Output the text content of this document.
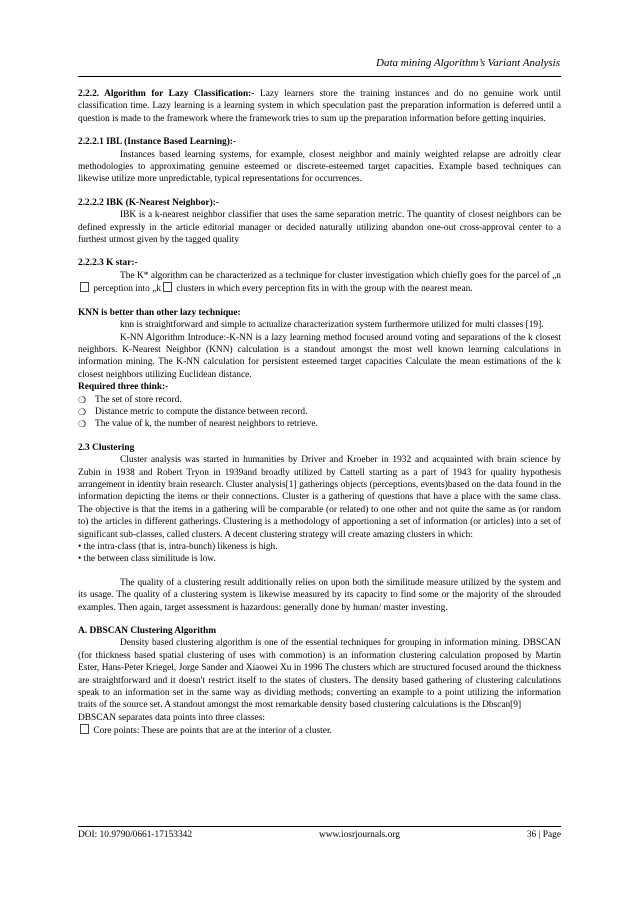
Data mining Algorithm’s Variant Analysis

2.2.2. Algorithm for Lazy Classification:- Lazy learners store the training instances and do no genuine work until classification time. Lazy learning is a learning system in which speculation past the preparation information is deferred until a question is made to the framework where the framework tries to sum up the preparation information before getting inquiries.

2.2.2.1 IBL (Instance Based Learning):-

Instances based learning systems, for example, closest neighbor and mainly weighted relapse are adroitly clear methodologies to approximating genuine esteemed or discrete-esteemed target capacities. Example based techniques can likewise utilize more unpredictable, typical representations for occurrences.

2.2.2.2 IBK (K-Nearest Neighbor):-

IBK is a k-nearest neighbor classifier that uses the same separation metric. The quantity of closest neighbors can be defined expressly in the article editorial manager or decided naturally utilizing abandon one-out cross-approval center to a furthest utmost given by the tagged quality

2.2.2.3 K star:-

The K* algorithm can be characterized as a technique for cluster investigation which chiefly goes for the parcel of „n perception into „k clusters in which every perception fits in with the group with the nearest mean.

KNN is better than other lazy technique:

knn is straightforward and simple to actualize characterization system furthermore utilized for multi classes [19].

K-NN Algorithm Introduce:-K-NN is a lazy learning method focused around voting and separations of the k closest neighbors. K-Nearest Neighbor (KNN) calculation is a standout amongst the most well known learning calculations in information mining. The K-NN calculation for persistent esteemed target capacities Calculate the mean estimations of the k closest neighbors utilizing Euclidean distance.

Required three think:-

❍ The set of store record.
❍ Distance metric to compute the distance between record.
❍ The value of k, the number of nearest neighbors to retrieve.

2.3 Clustering

Cluster analysis was started in humanities by Driver and Kroeber in 1932 and acquainted with brain science by Zubin in 1938 and Robert Tryon in 1939and broadly utilized by Cattell starting as a part of 1943 for quality hypothesis arrangement in identity brain research. Cluster analysis[1] gatherings objects (perceptions, events)based on the data found in the information depicting the items or their connections. Cluster is a gathering of questions that have a place with the same class. The objective is that the items in a gathering will be comparable (or related) to one other and not quite the same as (or random to) the articles in different gatherings. Clustering is a methodology of apportioning a set of information (or articles) into a set of significant sub-classes, called clusters. A decent clustering strategy will create amazing clusters in which:

• the intra-class (that is, intra-bunch) likeness is high.

• the between class similitude is low.

The quality of a clustering result additionally relies on upon both the similitude measure utilized by the system and its usage. The quality of a clustering system is likewise measured by its capacity to find some or the majority of the shrouded examples. Then again, target assessment is hazardous: generally done by human/ master investing.

A. DBSCAN Clustering Algorithm

Density based clustering algorithm is one of the essential techniques for grouping in information mining. DBSCAN (for thickness based spatial clustering of uses with commotion) is an information clustering calculation proposed by Martin Ester, Hans-Peter Kriegel, Jorge Sander and Xiaowei Xu in 1996 The clusters which are structured focused around the thickness are straightforward and it doesn't restrict itself to the states of clusters. The density based gathering of clustering calculations speak to an information set in the same way as dividing methods; converting an example to a point utilizing the information traits of the source set. A standout amongst the most remarkable density based clustering calculations is the Dbscan[9]

DBSCAN separates data points into three classes:

Core points: These are points that are at the interior of a cluster.

DOI: 10.9790/0661-17153342	www.iosrjournals.org	36 | Page
